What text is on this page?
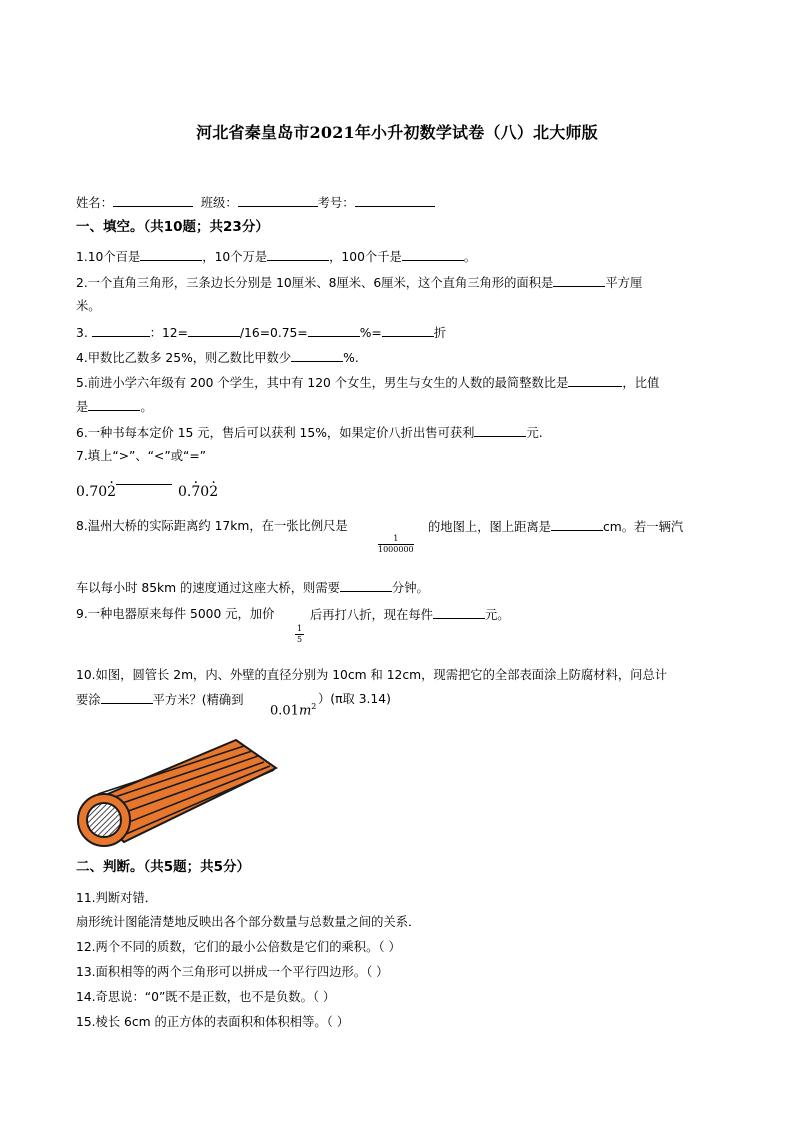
河北省秦皇岛市2021年小升初数学试卷（八）北大师版
姓名：	班级：	考号：
一、填空。（共10题；共23分）
1.10个百是	，10个万是	，100个千是	。
2.一个直角三角形，三条边长分别是 10厘米、8厘米、6厘米，这个直角三角形的面积是	平方厘
米。
3.	：12=	/16=0.75=	%=	折
4.甲数比乙数多 25%，则乙数比甲数少	%.
5.前进小学六年级有 200 个学生，其中有 120 个女生，男生与女生的人数的最简整数比是	，比值
是	。
6.一种书每本定价 15 元，售后可以获利 15%，如果定价八折出售可获利	元.
7.填上“>”、“<”或“=”
0.702 ·	0.7 ·02 ·
8.温州大桥的实际距离约 17km，在一张比例尺是
$\frac{1}{1000000}$
的地图上，图上距离是	cm。若一辆汽
车以每小时 85km 的速度通过这座大桥，则需要	分钟。
9.一种电器原来每件 5000 元，加价
$\frac{1}{5}$
后再打八折，现在每件	元。
10.如图，圆管长 2m，内、外壁的直径分别为 10cm 和 12cm，现需把它的全部表面涂上防腐材料，问总计
要涂	平方米？(精确到
$0.01m^2$
）(π取 3.14)
二、判断。（共5题；共5分）
11.判断对错．
扇形统计图能清楚地反映出各个部分数量与总数量之间的关系．
12.两个不同的质数，它们的最小公倍数是它们的乘积。（ ）
13.面积相等的两个三角形可以拼成一个平行四边形。（ ）
14.奇思说：“0”既不是正数，也不是负数。（ ）
15.棱长 6cm 的正方体的表面积和体积相等。（ ）
